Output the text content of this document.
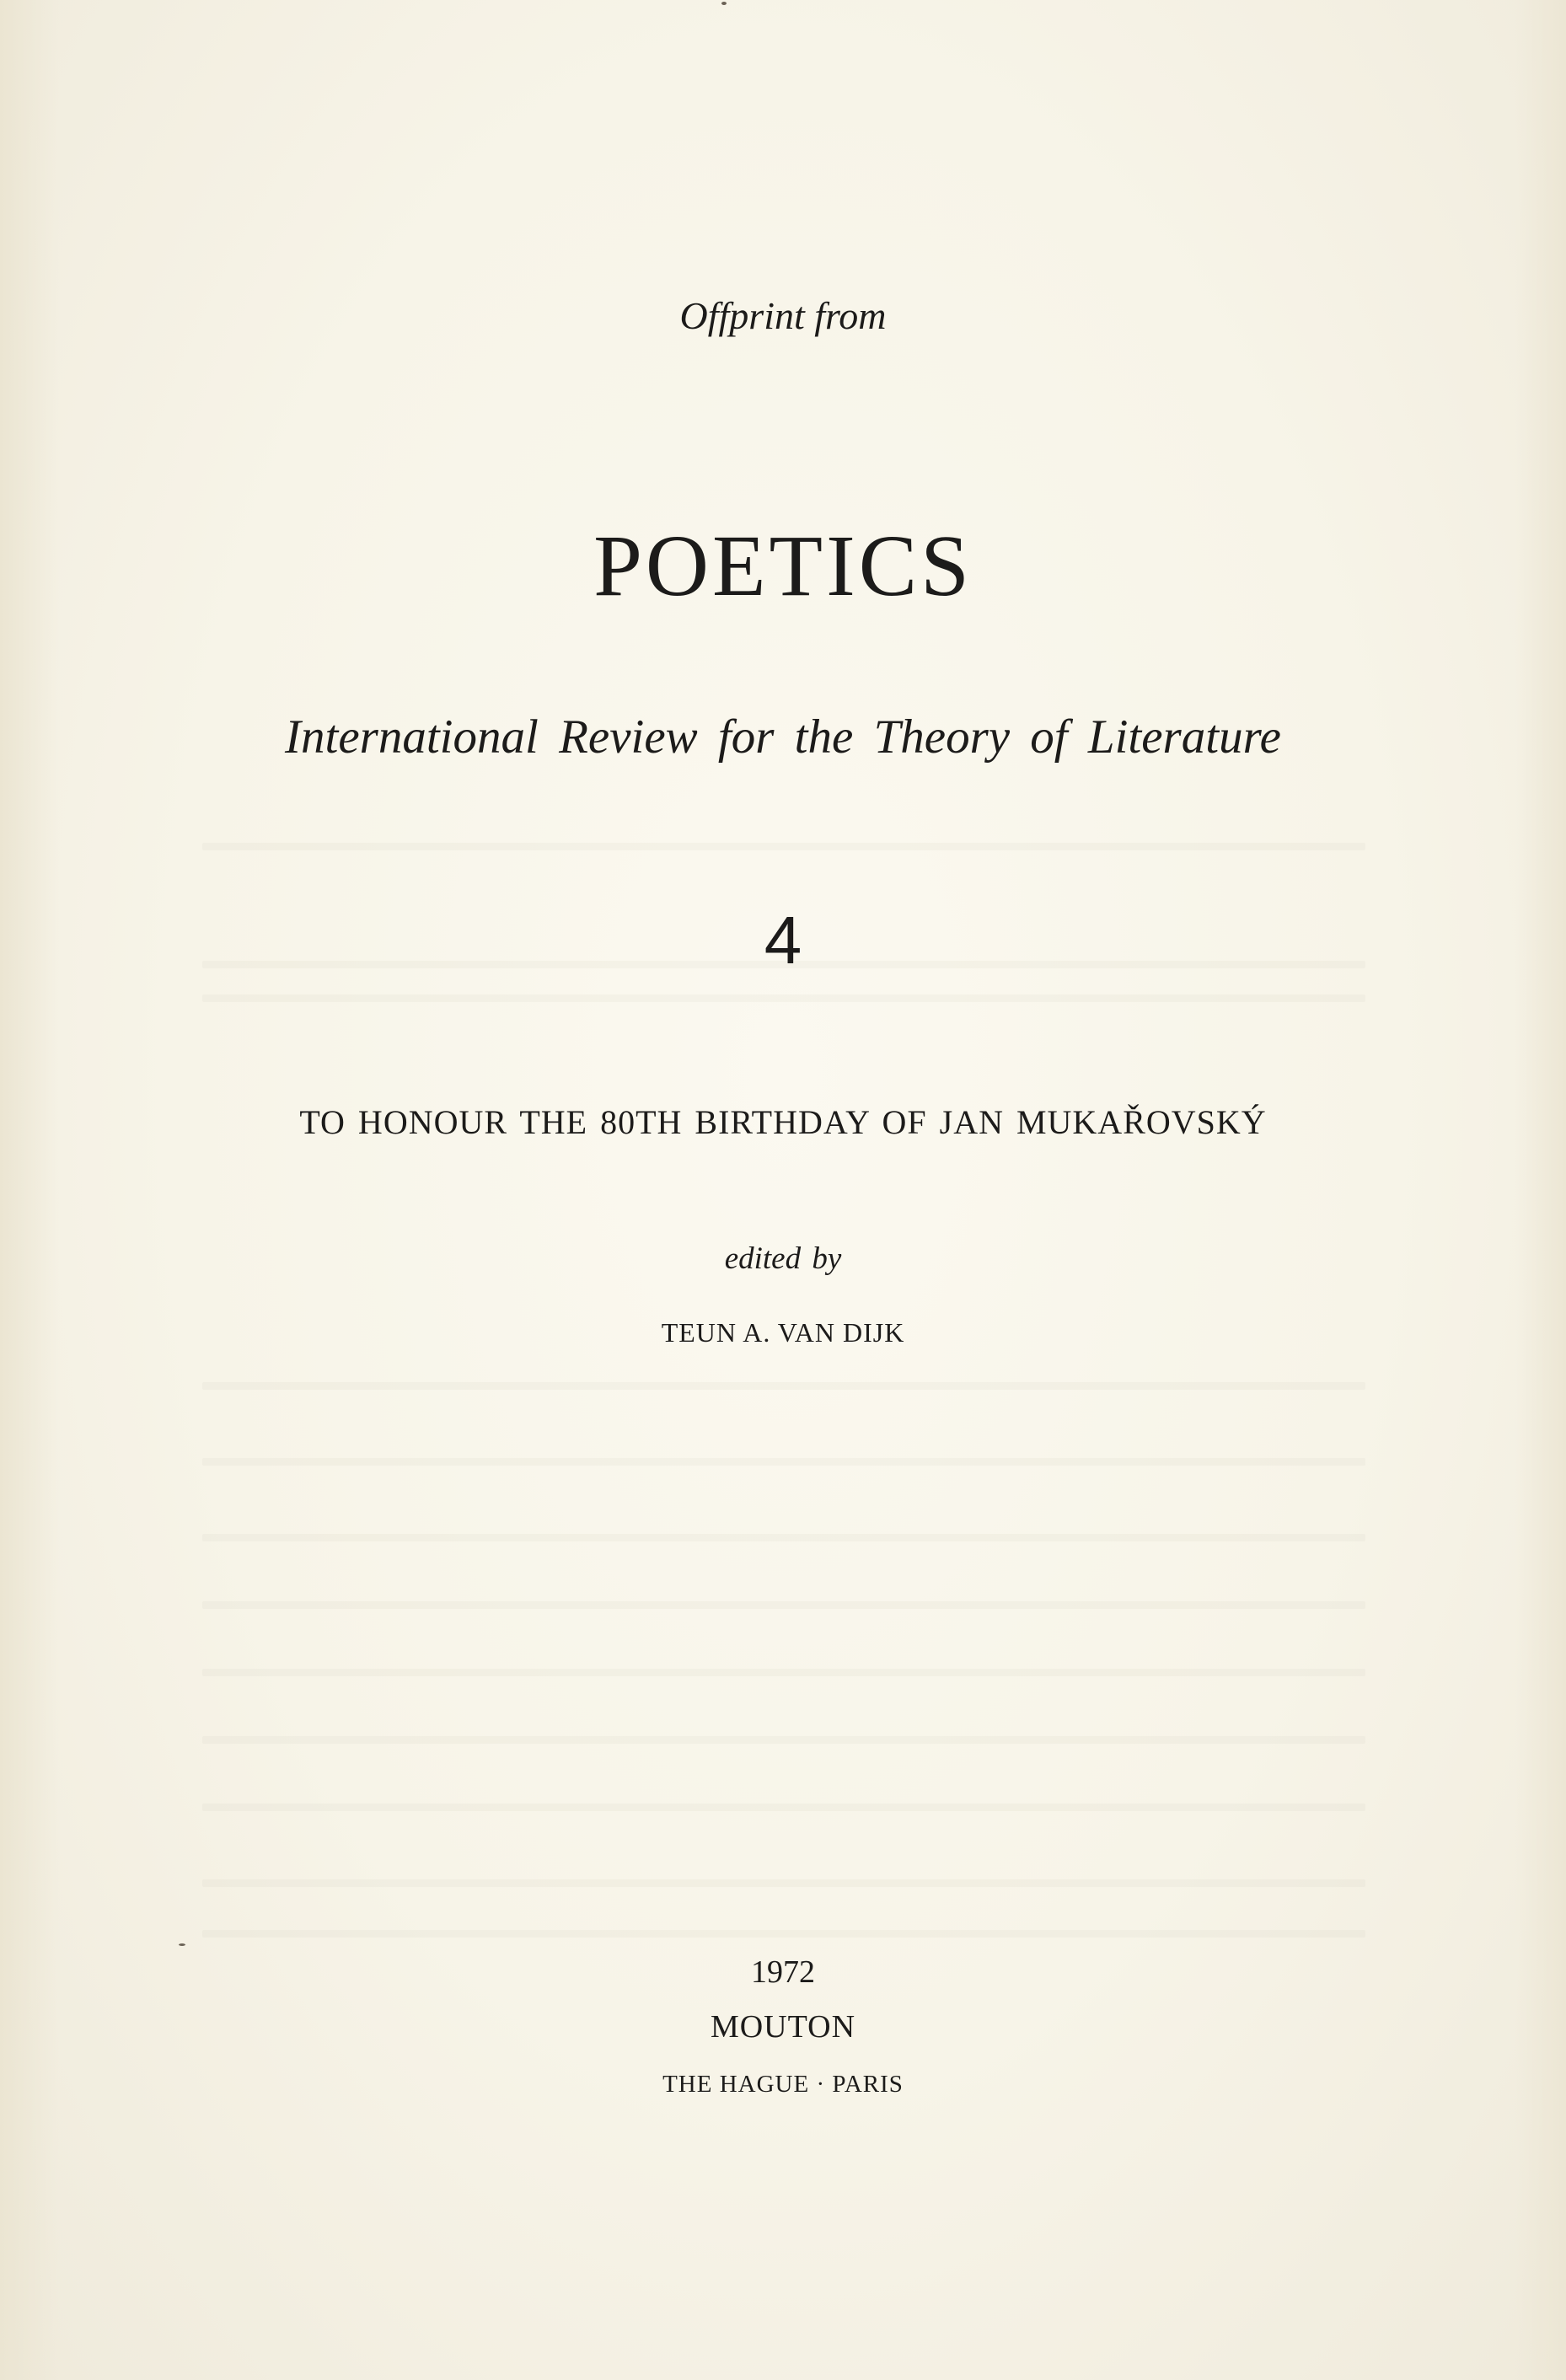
Offprint from
POETICS
International Review for the Theory of Literature
4
TO HONOUR THE 80TH BIRTHDAY OF JAN MUKAŘOVSKÝ
edited by
TEUN A. VAN DIJK
1972
MOUTON
THE HAGUE · PARIS
